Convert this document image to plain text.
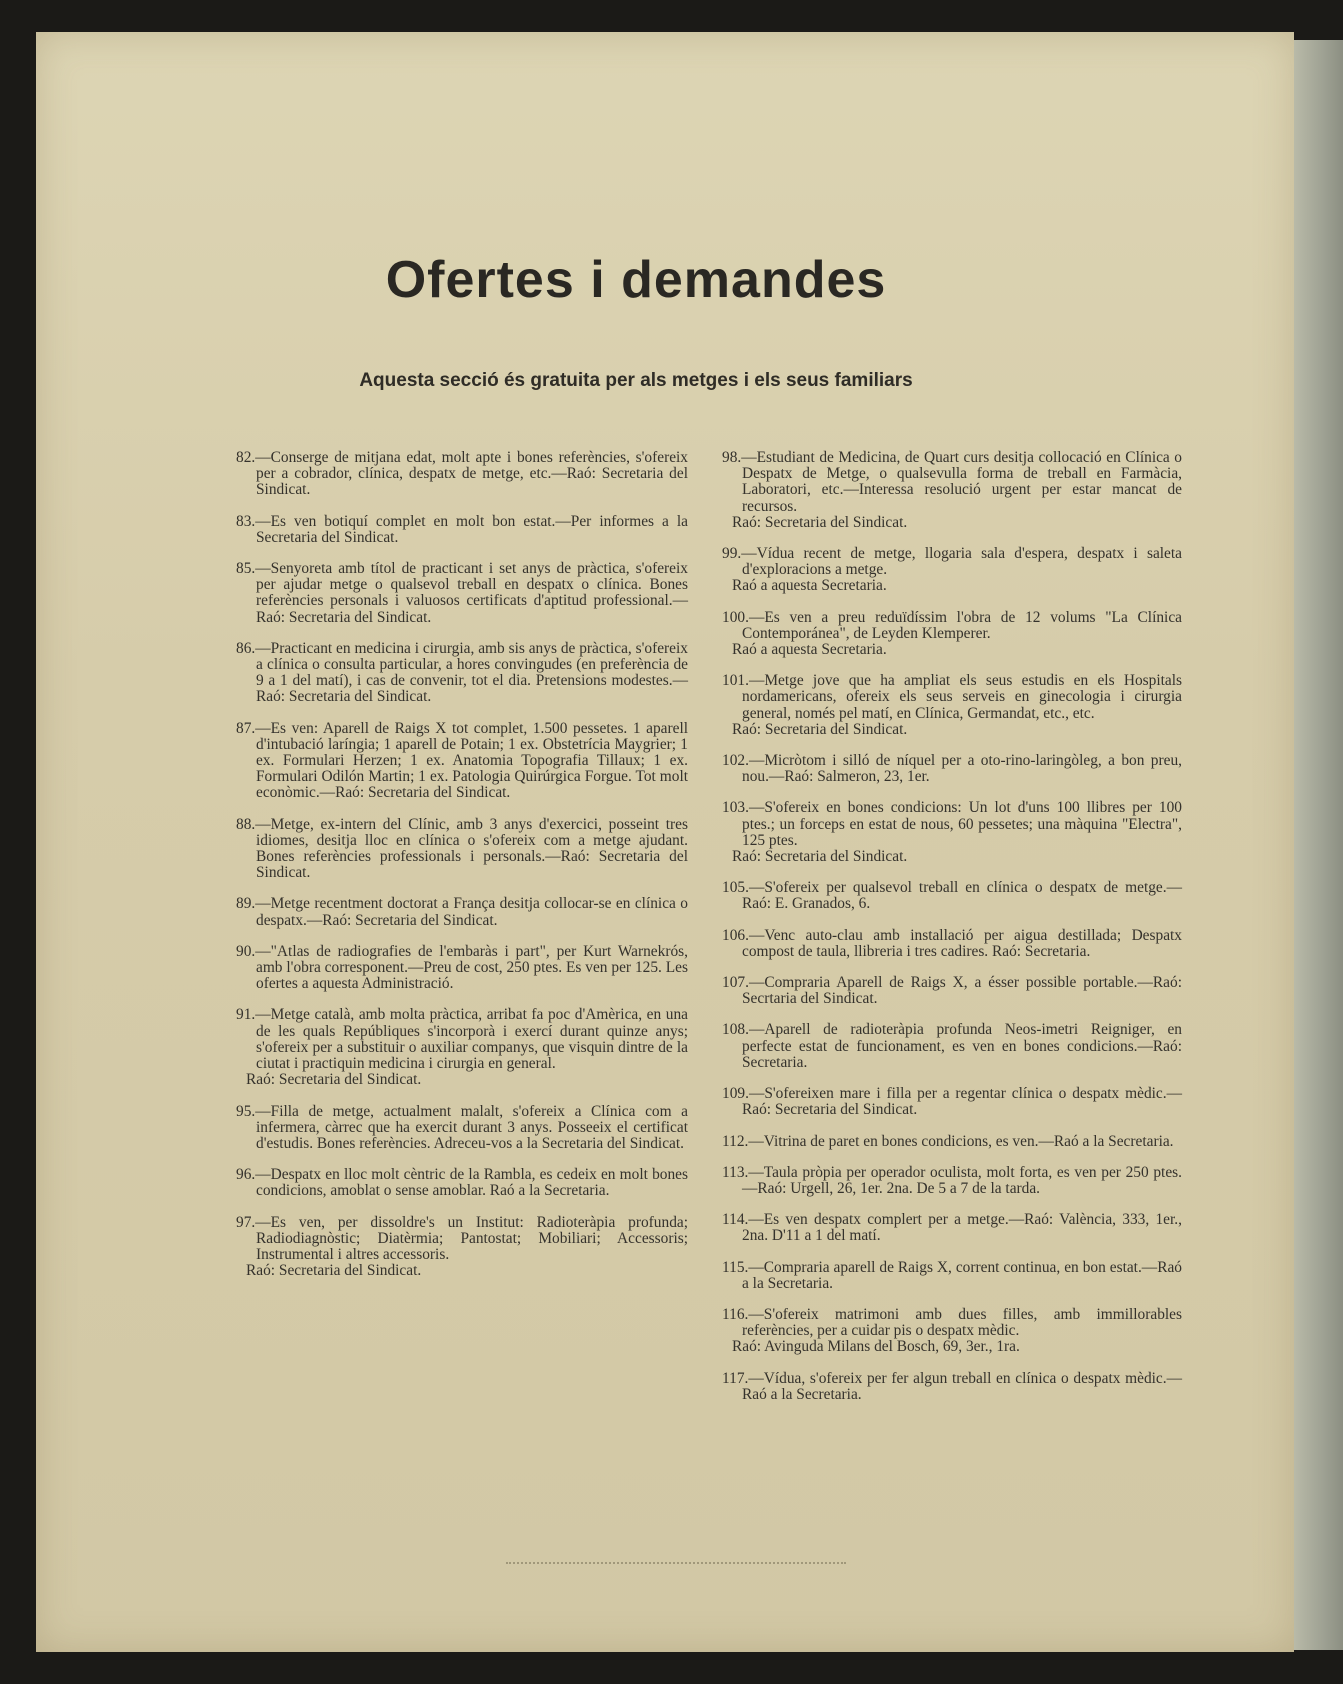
Ofertes i demandes
Aquesta secció és gratuita per als metges i els seus familiars

82.—Conserge de mitjana edat, molt apte i bones referències, s'ofereix per a cobrador, clínica, despatx de metge, etc.—Raó: Secretaria del Sindicat.

83.—Es ven botiquí complet en molt bon estat.—Per informes a la Secretaria del Sindicat.

85.—Senyoreta amb títol de practicant i set anys de pràctica, s'ofereix per ajudar metge o qualsevol treball en despatx o clínica. Bones referències personals i valuosos certificats d'aptitud professional.—Raó: Secretaria del Sindicat.

86.—Practicant en medicina i cirurgia, amb sis anys de pràctica, s'ofereix a clínica o consulta particular, a hores convingudes (en preferència de 9 a 1 del matí), i cas de convenir, tot el dia. Pretensions modestes.—Raó: Secretaria del Sindicat.

87.—Es ven: Aparell de Raigs X tot complet, 1.500 pessetes. 1 aparell d'intubació laríngia; 1 aparell de Potain; 1 ex. Obstetrícia Maygrier; 1 ex. Formulari Herzen; 1 ex. Anatomia Topografia Tillaux; 1 ex. Formulari Odilón Martin; 1 ex. Patologia Quirúrgica Forgue. Tot molt econòmic.—Raó: Secretaria del Sindicat.

88.—Metge, ex-intern del Clínic, amb 3 anys d'exercici, posseint tres idiomes, desitja lloc en clínica o s'ofereix com a metge ajudant. Bones referències professionals i personals.—Raó: Secretaria del Sindicat.

89.—Metge recentment doctorat a França desitja collocar-se en clínica o despatx.—Raó: Secretaria del Sindicat.

90.—"Atlas de radiografies de l'embaràs i part", per Kurt Warnekrós, amb l'obra corresponent.—Preu de cost, 250 ptes. Es ven per 125. Les ofertes a aquesta Administració.

91.—Metge català, amb molta pràctica, arribat fa poc d'Amèrica, en una de les quals Repúbliques s'incorporà i exercí durant quinze anys; s'ofereix per a substituir o auxiliar companys, que visquin dintre de la ciutat i practiquin medicina i cirurgia en general.
Raó: Secretaria del Sindicat.

95.—Filla de metge, actualment malalt, s'ofereix a Clínica com a infermera, càrrec que ha exercit durant 3 anys. Posseeix el certificat d'estudis. Bones referències. Adreceu-vos a la Secretaria del Sindicat.

96.—Despatx en lloc molt cèntric de la Rambla, es cedeix en molt bones condicions, amoblat o sense amoblar. Raó a la Secretaria.

97.—Es ven, per dissoldre's un Institut: Radioteràpia profunda; Radiodiagnòstic; Diatèrmia; Pantostat; Mobiliari; Accessoris; Instrumental i altres accessoris.
Raó: Secretaria del Sindicat.

98.—Estudiant de Medicina, de Quart curs desitja collocació en Clínica o Despatx de Metge, o qualsevulla forma de treball en Farmàcia, Laboratori, etc.—Interessa resolució urgent per estar mancat de recursos.
Raó: Secretaria del Sindicat.

99.—Vídua recent de metge, llogaria sala d'espera, despatx i saleta d'exploracions a metge.
Raó a aquesta Secretaria.

100.—Es ven a preu reduïdíssim l'obra de 12 volums "La Clínica Contemporánea", de Leyden Klemperer.
Raó a aquesta Secretaria.

101.—Metge jove que ha ampliat els seus estudis en els Hospitals nordamericans, ofereix els seus serveis en ginecologia i cirurgia general, només pel matí, en Clínica, Germandat, etc., etc.
Raó: Secretaria del Sindicat.

102.—Micròtom i silló de níquel per a oto-rino-laringòleg, a bon preu, nou.—Raó: Salmeron, 23, 1er.

103.—S'ofereix en bones condicions: Un lot d'uns 100 llibres per 100 ptes.; un forceps en estat de nous, 60 pessetes; una màquina "Electra", 125 ptes.
Raó: Secretaria del Sindicat.

105.—S'ofereix per qualsevol treball en clínica o despatx de metge.—Raó: E. Granados, 6.

106.—Venc auto-clau amb installació per aigua destillada; Despatx compost de taula, llibreria i tres cadires. Raó: Secretaria.

107.—Compraria Aparell de Raigs X, a ésser possible portable.—Raó: Secrtaria del Sindicat.

108.—Aparell de radioteràpia profunda Neos-imetri Reigniger, en perfecte estat de funcionament, es ven en bones condicions.—Raó: Secretaria.

109.—S'ofereixen mare i filla per a regentar clínica o despatx mèdic.—Raó: Secretaria del Sindicat.

112.—Vitrina de paret en bones condicions, es ven.—Raó a la Secretaria.

113.—Taula pròpia per operador oculista, molt forta, es ven per 250 ptes.—Raó: Urgell, 26, 1er. 2na. De 5 a 7 de la tarda.

114.—Es ven despatx complert per a metge.—Raó: València, 333, 1er., 2na. D'11 a 1 del matí.

115.—Compraria aparell de Raigs X, corrent continua, en bon estat.—Raó a la Secretaria.

116.—S'ofereix matrimoni amb dues filles, amb immillorables referències, per a cuidar pis o despatx mèdic.
Raó: Avinguda Milans del Bosch, 69, 3er., 1ra.

117.—Vídua, s'ofereix per fer algun treball en clínica o despatx mèdic.—Raó a la Secretaria.
